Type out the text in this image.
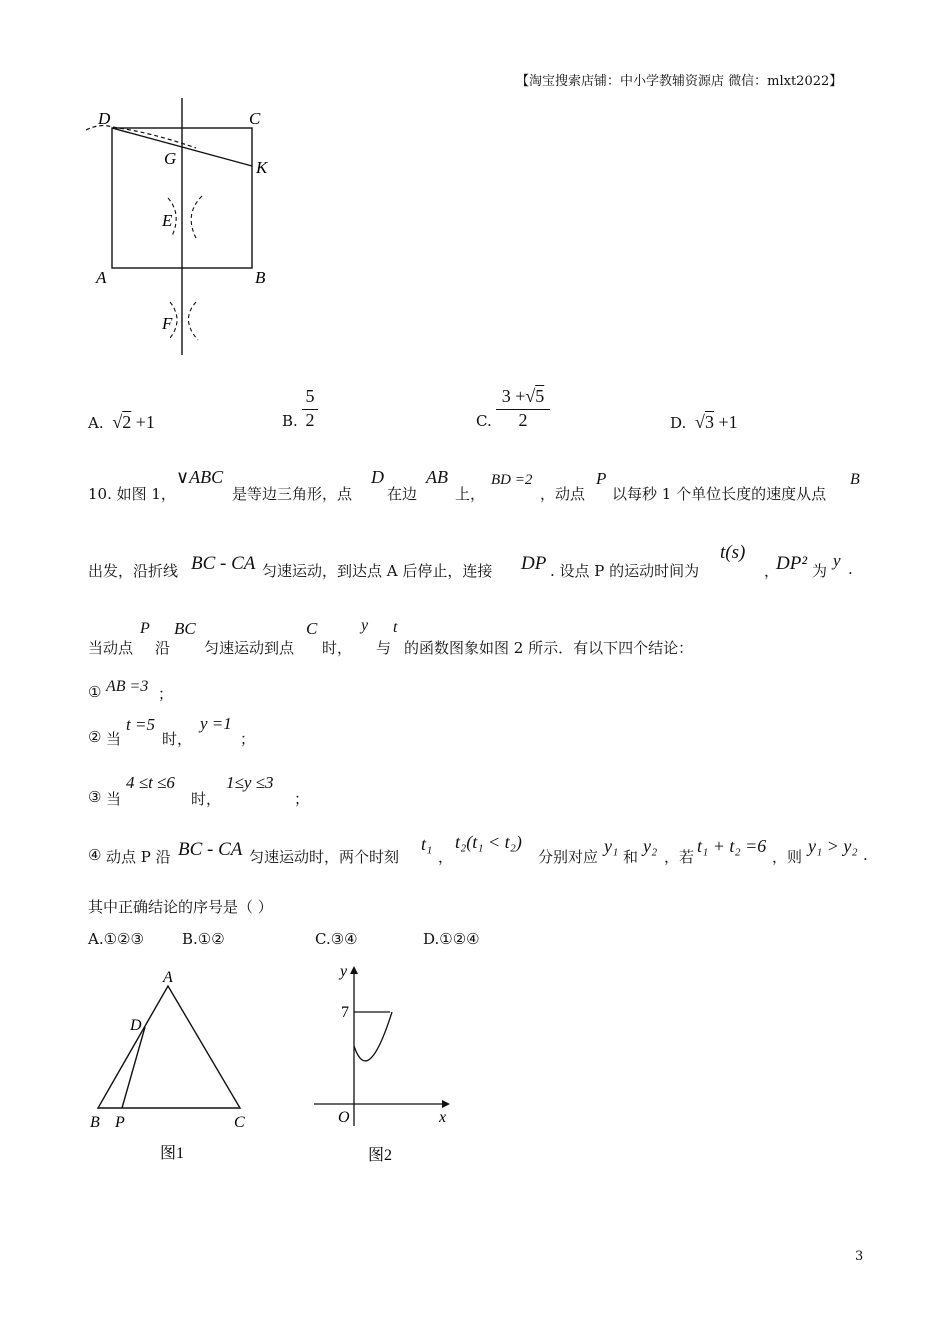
【淘宝搜索店铺：中小学教辅资源店 微信：mlxt2022】
D	C
G	K
E
A	B
F
A. √2 +1	B. $\frac{5}{2}$	C. $\frac{3 +√5}{2}$	D. √3 +1
10. 如图 1，
∨ABC
是等边三角形，点
D
在边
AB
上，
BD =2
，动点
P
以每秒 1 个单位长度的速度从点
B
出发，沿折线 BC - CA 匀速运动，到达点 A 后停止，连接 DP . 设点 P 的运动时间为
t(s)
，
DP² 为
y .
当动点
P
沿
BC
匀速运动到点
C
时，
y
与
t
的函数图象如图 2 所示．有以下四个结论：
① AB =3 ；
② 当
t =5
时，
y =1
；
③ 当
4 ≤t ≤6
时，
1≤y ≤3
；
④ 动点 P 沿 BC - CA 匀速运动时，两个时刻
t₁
，
t₂(t₁ < t₂)
分别对应
y₁
和
y₂
，若
t₁ + t₂ =6
，则
y₁ > y₂ .
其中正确结论的序号是（ ）
A.①②③	B.①②	C.③④	D.①②④
A
D
B P	C
图1
y
7
O	x
图2
3
